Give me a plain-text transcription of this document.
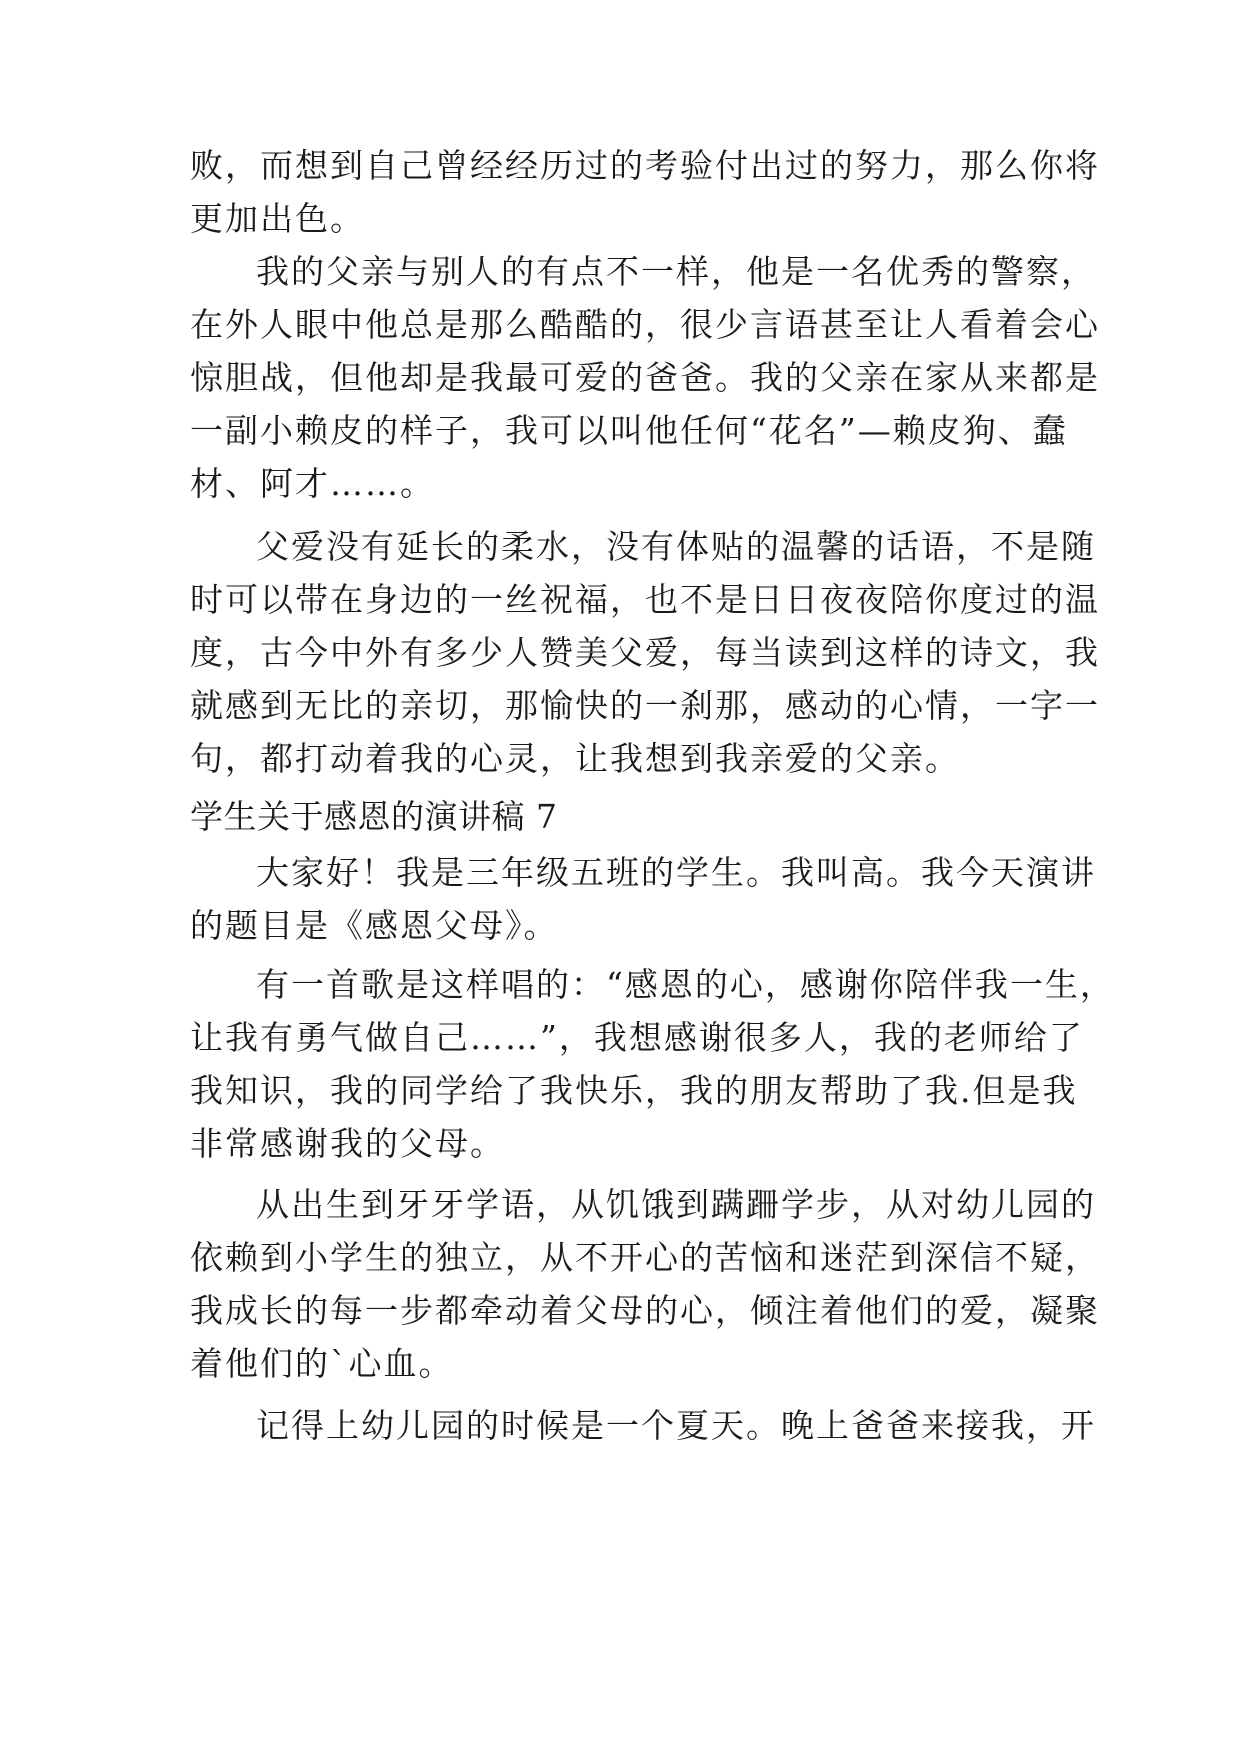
败，而想到自己曾经经历过的考验付出过的努力，那么你将
更加出色。
我的父亲与别人的有点不一样，他是一名优秀的警察，
在外人眼中他总是那么酷酷的，很少言语甚至让人看着会心
惊胆战，但他却是我最可爱的爸爸。我的父亲在家从来都是
一副小赖皮的样子，我可以叫他任何“花名”—赖皮狗、蠢
材、阿才……。
父爱没有延长的柔水，没有体贴的温馨的话语，不是随
时可以带在身边的一丝祝福，也不是日日夜夜陪你度过的温
度，古今中外有多少人赞美父爱，每当读到这样的诗文，我
就感到无比的亲切，那愉快的一刹那，感动的心情，一字一
句，都打动着我的心灵，让我想到我亲爱的父亲。
学生关于感恩的演讲稿 7
大家好！我是三年级五班的学生。我叫高。我今天演讲
的题目是《感恩父母》。
有一首歌是这样唱的：“感恩的心，感谢你陪伴我一生，
让我有勇气做自己……”，我想感谢很多人，我的老师给了
我知识，我的同学给了我快乐，我的朋友帮助了我.但是我
非常感谢我的父母。
从出生到牙牙学语，从饥饿到蹒跚学步，从对幼儿园的
依赖到小学生的独立，从不开心的苦恼和迷茫到深信不疑，
我成长的每一步都牵动着父母的心，倾注着他们的爱，凝聚
着他们的`心血。
记得上幼儿园的时候是一个夏天。晚上爸爸来接我，开
